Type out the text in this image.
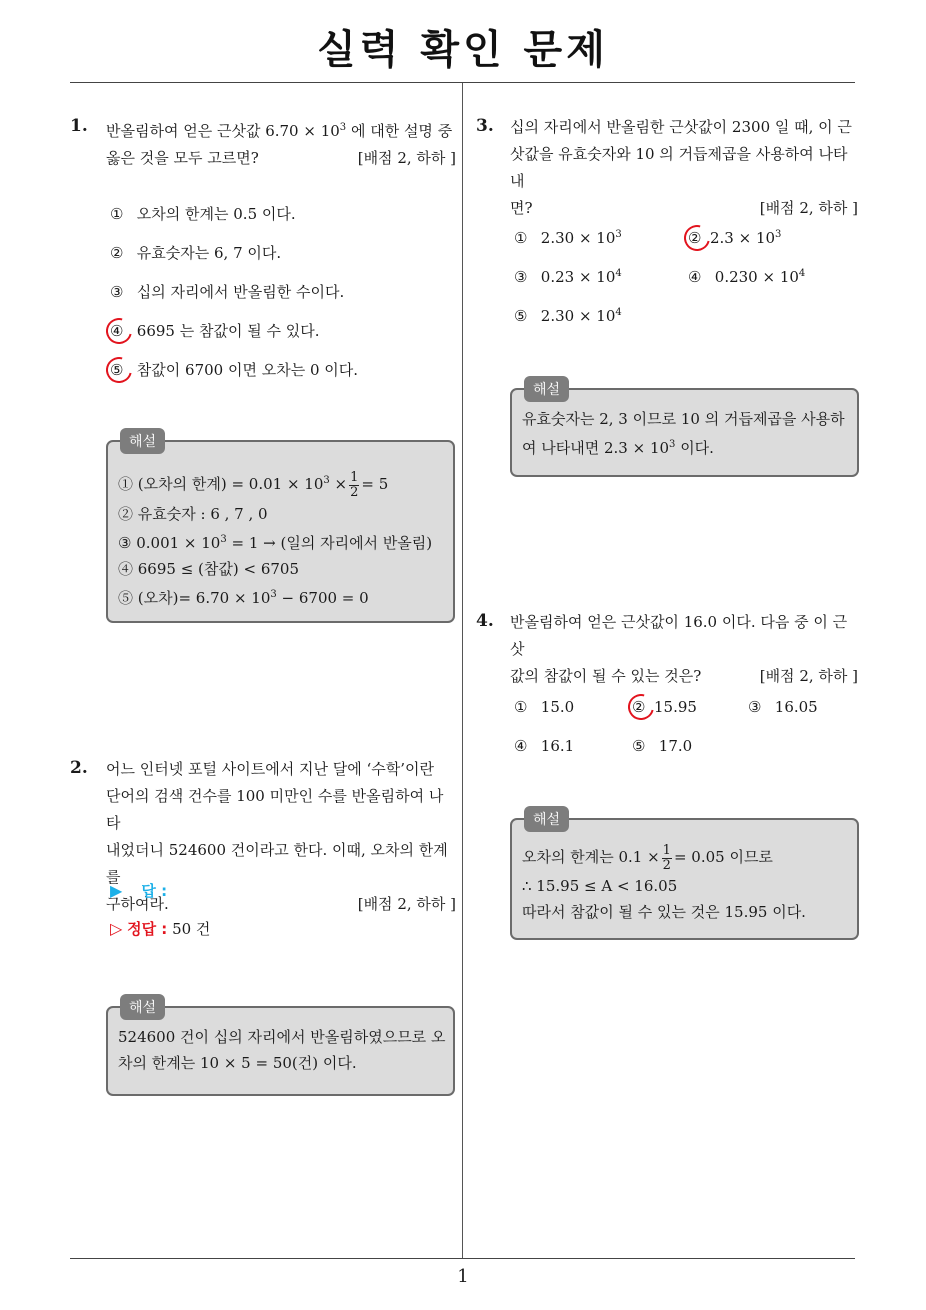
실력 확인 문제
1. 반올림하여 얻은 근삿값 $6.70 \times 10^3$ 에 대한 설명 중
옳은 것을 모두 고르면?	[배점 2, 하하 ]
① 오차의 한계는 0.5 이다.
② 유효숫자는 6, 7 이다.
③ 십의 자리에서 반올림한 수이다.
④ 6695 는 참값이 될 수 있다.
⑤ 참값이 6700 이면 오차는 0 이다.
해설
① (오차의 한계) = $0.01 \times 10^3 \times \frac{1}{2} = 5$
② 유효숫자 : 6 , 7 , 0
③ $0.001 \times 10^3 = 1$ → (일의 자리에서 반올림)
④ 6695 ≤ (참값) < 6705
⑤ (오차)= $6.70 \times 10^3 - 6700 = 0$
2. 어느 인터넷 포털 사이트에서 지난 달에 ‘수학’이란
단어의 검색 건수를 100 미만인 수를 반올림하여 나타
내었더니 524600 건이라고 한다. 이때, 오차의 한계를
구하여라.	[배점 2, 하하 ]
▶ 답 :
▷ 정답 : 50 건
해설
524600 건이 십의 자리에서 반올림하였으므로 오
차의 한계는 10 × 5 = 50(건) 이다.
3. 십의 자리에서 반올림한 근삿값이 2300 일 때, 이 근
삿값을 유효숫자와 10 의 거듭제곱을 사용하여 나타내
면?	[배점 2, 하하 ]
① $2.30 \times 10^3$	② $2.3 \times 10^3$
③ $0.23 \times 10^4$	④ $0.230 \times 10^4$
⑤ $2.30 \times 10^4$
해설
유효숫자는 2, 3 이므로 10 의 거듭제곱을 사용하
여 나타내면 $2.3 \times 10^3$ 이다.
4. 반올림하여 얻은 근삿값이 16.0 이다. 다음 중 이 근삿
값의 참값이 될 수 있는 것은?	[배점 2, 하하 ]
① 15.0	② 15.95	③ 16.05
④ 16.1	⑤ 17.0
해설
오차의 한계는 $0.1 \times \frac{1}{2} = 0.05$ 이므로
∴ 15.95 ≤ A < 16.05
따라서 참값이 될 수 있는 것은 15.95 이다.
1
